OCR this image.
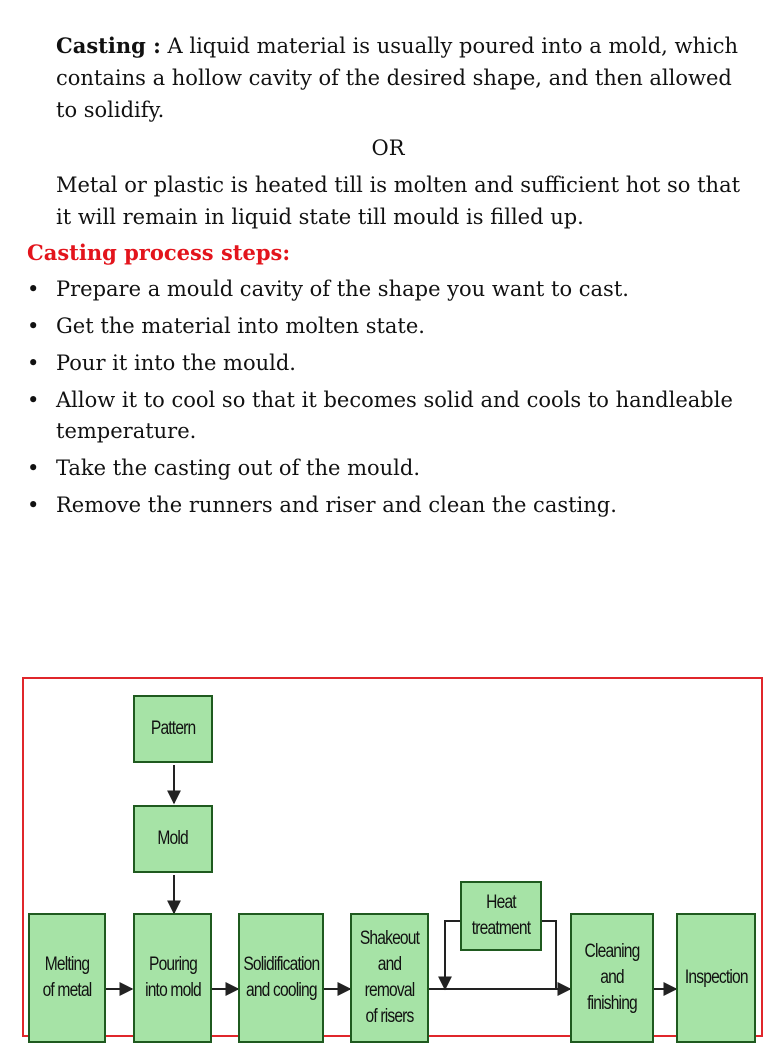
Casting : A liquid material is usually poured into a mold, which contains a hollow cavity of the desired shape, and then allowed to solidify.

OR

Metal or plastic is heated till is molten and sufficient hot so that it will remain in liquid state till mould is filled up.

Casting process steps:
• Prepare a mould cavity of the shape you want to cast.
• Get the material into molten state.
• Pour it into the mould.
• Allow it to cool so that it becomes solid and cools to handleable temperature.
• Take the casting out of the mould.
• Remove the runners and riser and clean the casting.
Pattern
Mold
Melting of metal
Pouring into mold
Solidification and cooling
Shakeout and removal of risers
Heat treatment
Cleaning and finishing
Inspection
